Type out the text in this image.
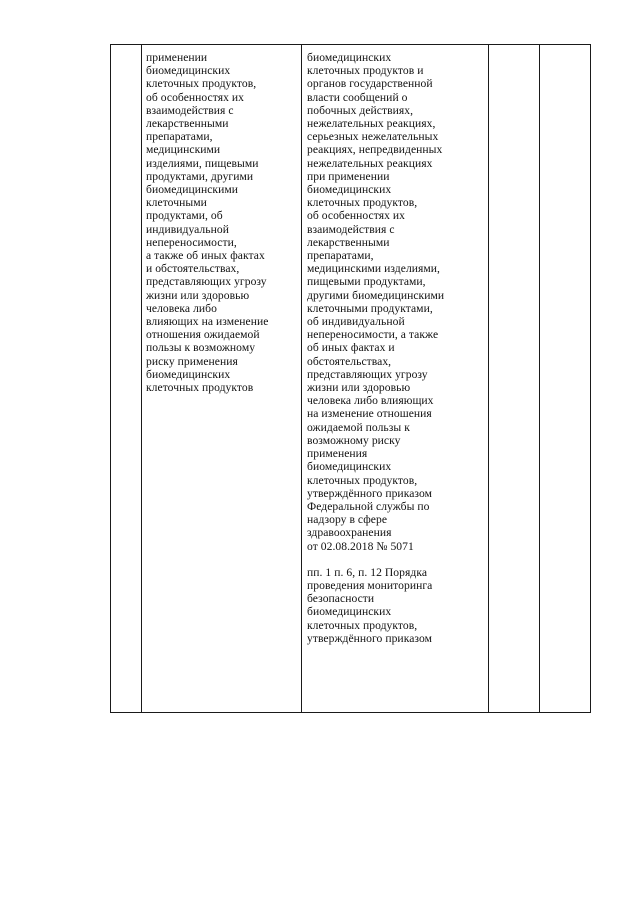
применении
биомедицинских
клеточных продуктов,
об особенностях их
взаимодействия с
лекарственными
препаратами,
медицинскими
изделиями, пищевыми
продуктами, другими
биомедицинскими
клеточными
продуктами, об
индивидуальной
непереносимости,
а также об иных фактах
и обстоятельствах,
представляющих угрозу
жизни или здоровью
человека либо
влияющих на изменение
отношения ожидаемой
пользы к возможному
риску применения
биомедицинских
клеточных продуктов

биомедицинских
клеточных продуктов и
органов государственной
власти сообщений о
побочных действиях,
нежелательных реакциях,
серьезных нежелательных
реакциях, непредвиденных
нежелательных реакциях
при применении
биомедицинских
клеточных продуктов,
об особенностях их
взаимодействия с
лекарственными
препаратами,
медицинскими изделиями,
пищевыми продуктами,
другими биомедицинскими
клеточными продуктами,
об индивидуальной
непереносимости, а также
об иных фактах и
обстоятельствах,
представляющих угрозу
жизни или здоровью
человека либо влияющих
на изменение отношения
ожидаемой пользы к
возможному риску
применения
биомедицинских
клеточных продуктов,
утверждённого приказом
Федеральной службы по
надзору в сфере
здравоохранения
от 02.08.2018 № 5071
пп. 1 п. 6, п. 12 Порядка
проведения мониторинга
безопасности
биомедицинских
клеточных продуктов,
утверждённого приказом
